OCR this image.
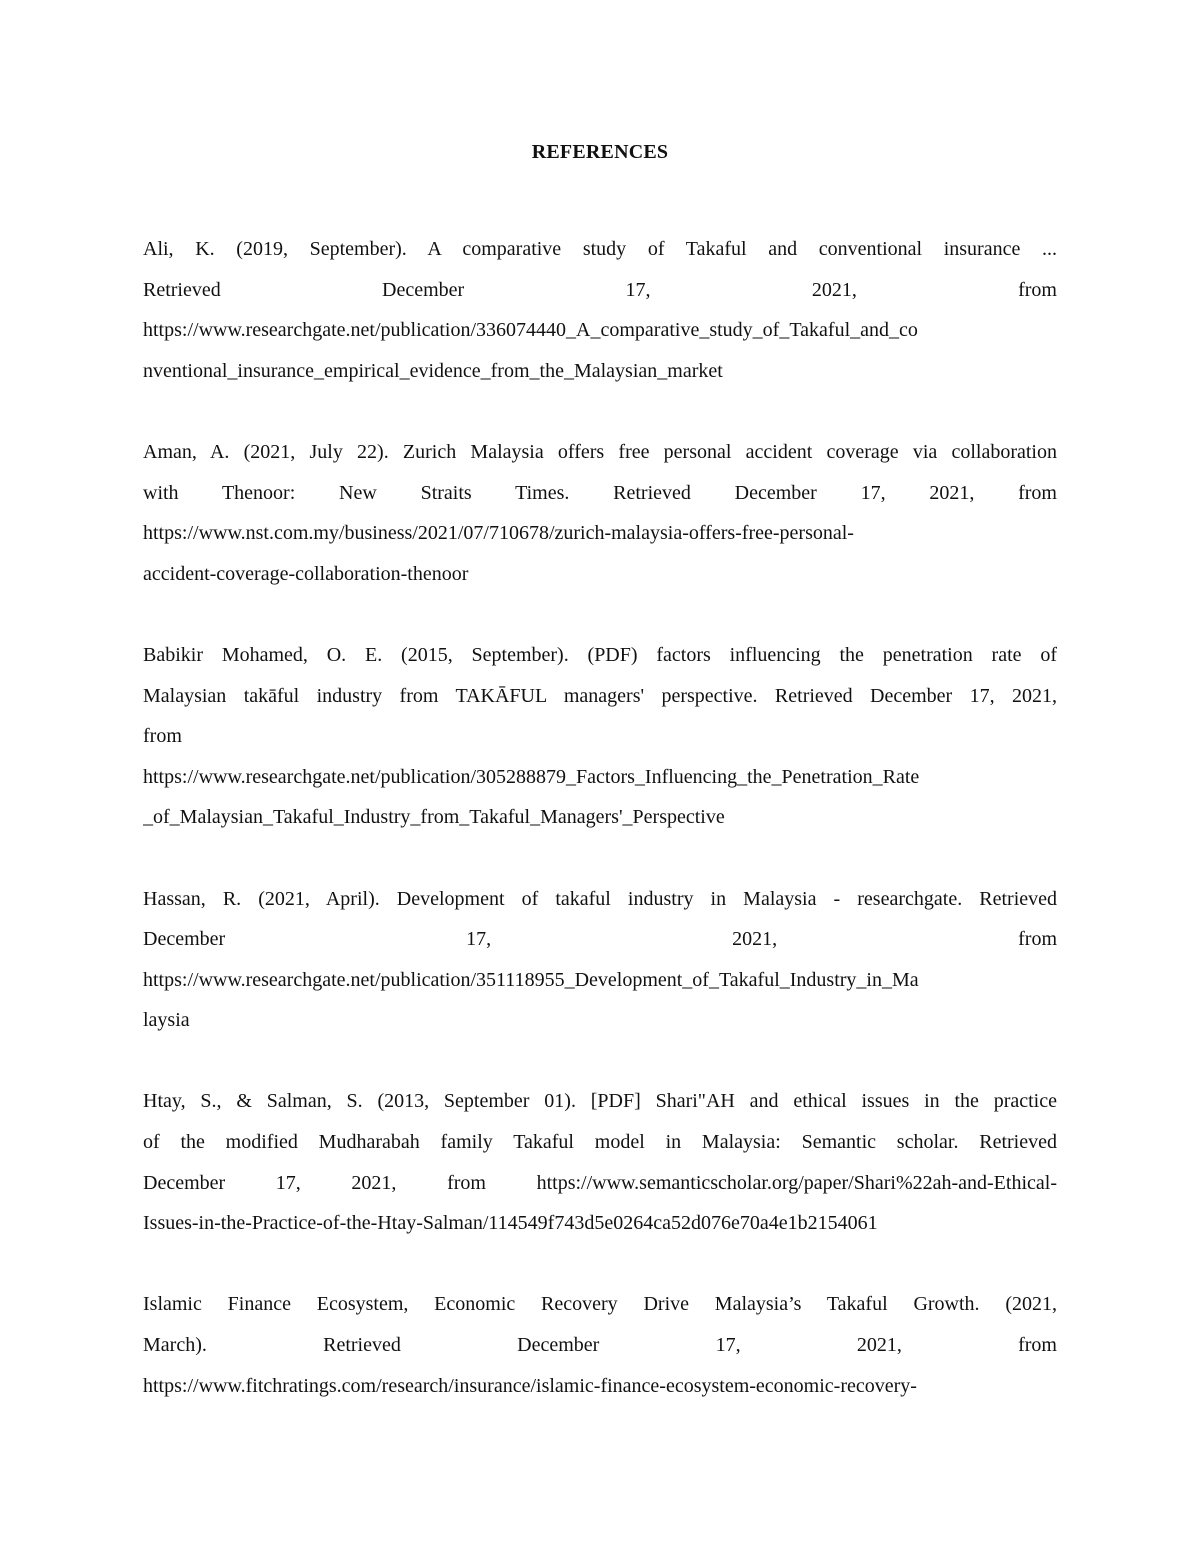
REFERENCES
Ali, K. (2019, September). A comparative study of Takaful and conventional insurance ...
Retrieved December 17, 2021, from
https://www.researchgate.net/publication/336074440_A_comparative_study_of_Takaful_and_co
nventional_insurance_empirical_evidence_from_the_Malaysian_market
Aman, A. (2021, July 22). Zurich Malaysia offers free personal accident coverage via collaboration
with Thenoor: New Straits Times. Retrieved December 17, 2021, from
https://www.nst.com.my/business/2021/07/710678/zurich-malaysia-offers-free-personal-
accident-coverage-collaboration-thenoor
Babikir Mohamed, O. E. (2015, September). (PDF) factors influencing the penetration rate of
Malaysian takāful industry from TAKĀFUL managers' perspective. Retrieved December 17, 2021,
from
https://www.researchgate.net/publication/305288879_Factors_Influencing_the_Penetration_Rate
_of_Malaysian_Takaful_Industry_from_Takaful_Managers'_Perspective
Hassan, R. (2021, April). Development of takaful industry in Malaysia - researchgate. Retrieved
December 17, 2021, from
https://www.researchgate.net/publication/351118955_Development_of_Takaful_Industry_in_Ma
laysia
Htay, S., & Salman, S. (2013, September 01). [PDF] Shari"AH and ethical issues in the practice
of the modified Mudharabah family Takaful model in Malaysia: Semantic scholar. Retrieved
December 17, 2021, from https://www.semanticscholar.org/paper/Shari%22ah-and-Ethical-
Issues-in-the-Practice-of-the-Htay-Salman/114549f743d5e0264ca52d076e70a4e1b2154061
Islamic Finance Ecosystem, Economic Recovery Drive Malaysia’s Takaful Growth. (2021,
March). Retrieved December 17, 2021, from
https://www.fitchratings.com/research/insurance/islamic-finance-ecosystem-economic-recovery-
